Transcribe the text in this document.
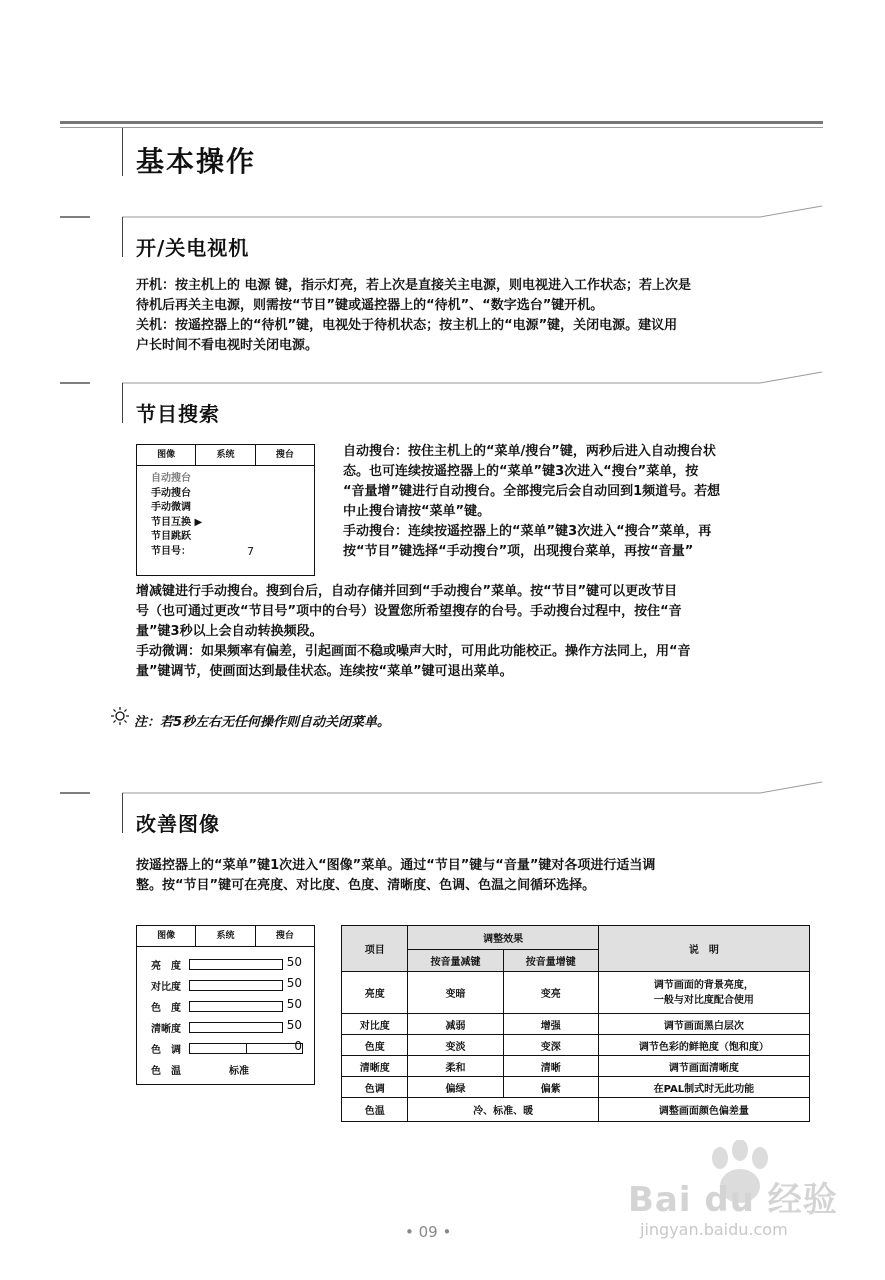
基本操作
开/关电视机
开机：按主机上的 电源 键，指示灯亮，若上次是直接关主电源，则电视进入工作状态；若上次是
待机后再关主电源，则需按“节目”键或遥控器上的“待机”、“数字选台”键开机。
关机：按遥控器上的“待机”键，电视处于待机状态；按主机上的“电源”键，关闭电源。建议用
户长时间不看电视时关闭电源。
节目搜索
图像	系统	搜台
自动搜台
手动搜台
手动微调
节目互换 ▶
节目跳跃
节目号：	7
自动搜台：按住主机上的“菜单/搜台”键，两秒后进入自动搜台状
态。也可连续按遥控器上的“菜单”键3次进入“搜台”菜单，按
“音量增”键进行自动搜台。全部搜完后会自动回到1频道号。若想
中止搜台请按“菜单”键。
手动搜台：连续按遥控器上的“菜单”键3次进入“搜合”菜单，再
按“节目”键选择“手动搜台”项，出现搜台菜单，再按“音量”
增减键进行手动搜台。搜到台后，自动存储并回到“手动搜台”菜单。按“节目”键可以更改节目
号（也可通过更改“节目号”项中的台号）设置您所希望搜存的台号。手动搜台过程中，按住“音
量”键3秒以上会自动转换频段。
手动微调：如果频率有偏差，引起画面不稳或噪声大时，可用此功能校正。操作方法同上，用“音
量”键调节，使画面达到最佳状态。连续按“菜单”键可退出菜单。
注：若5秒左右无任何操作则自动关闭菜单。
改善图像
按遥控器上的“菜单”键1次进入“图像”菜单。通过“节目”键与“音量”键对各项进行适当调
整。按“节目”键可在亮度、对比度、色度、清晰度、色调、色温之间循环选择。
图像	系统	搜台
亮　度	50
对比度	50
色　度	50
清晰度	50
色　调	0
色　温	标准
项目	调整效果		说　明
	按音量减键	按音量增键	
亮度	变暗	变亮	调节画面的背景亮度，
一般与对比度配合使用

对比度	减弱	增强	调节画面黑白层次
色度	变淡	变深	调节色彩的鲜艳度（饱和度）
清晰度	柔和	清晰	调节画面清晰度
色调	偏绿	偏紫	在PAL制式时无此功能
色温	冷、标准、暖		调整画面颜色偏差量
Bai du 经验
jingyan.baidu.com
• 09 •
